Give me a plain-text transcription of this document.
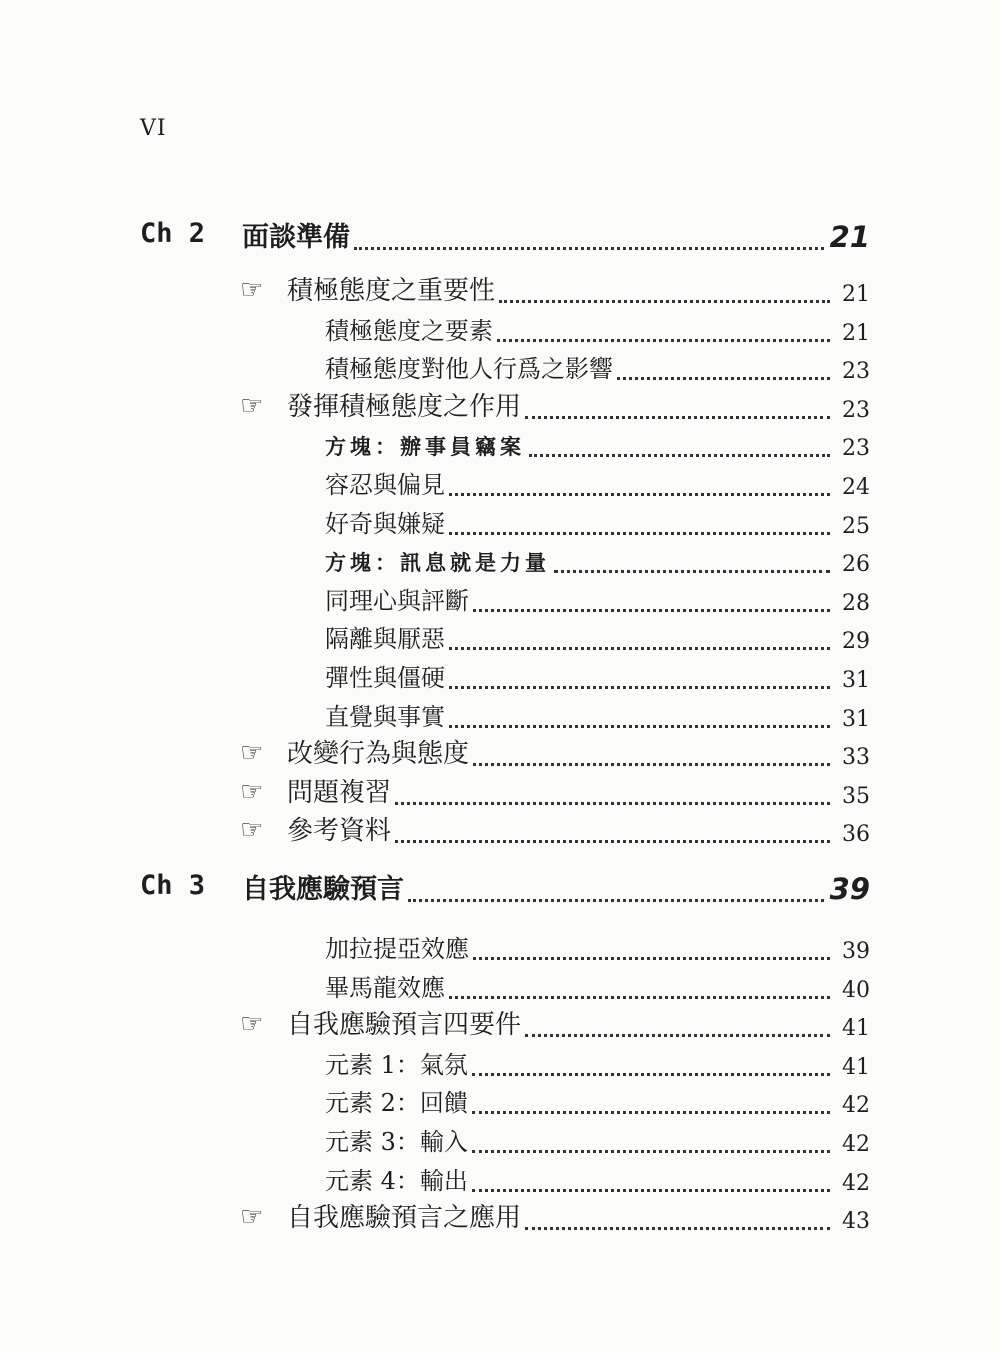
VI
Ch 2 面談準備	21
☞ 積極態度之重要性	21
積極態度之要素	21
積極態度對他人行爲之影響	23
☞ 發揮積極態度之作用	23
方塊：辦事員竊案	23
容忍與偏見	24
好奇與嫌疑	25
方塊：訊息就是力量	26
同理心與評斷	28
隔離與厭惡	29
彈性與僵硬	31
直覺與事實	31
☞ 改變行為與態度	33
☞ 問題複習	35
☞ 參考資料	36
Ch 3 自我應驗預言	39
加拉提亞效應	39
畢馬龍效應	40
☞ 自我應驗預言四要件	41
元素 1：氣氛	41
元素 2：回饋	42
元素 3：輸入	42
元素 4：輸出	42
☞ 自我應驗預言之應用	43
